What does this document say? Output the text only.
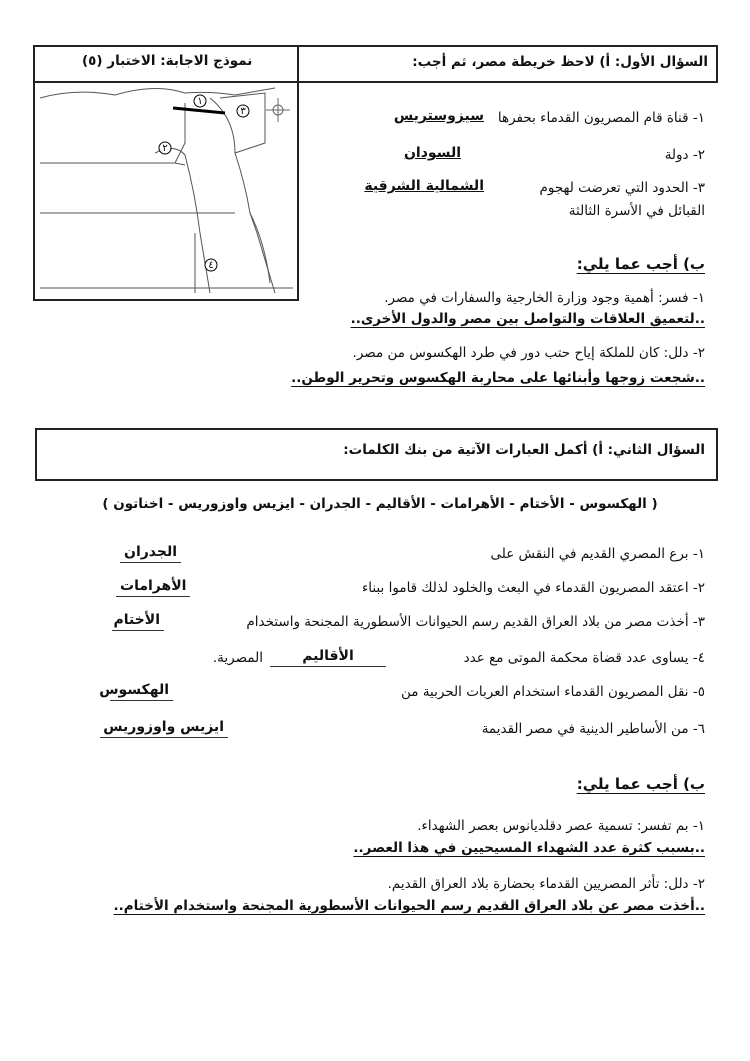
السؤال الأول: أ) لاحظ خريطة مصر، ثم أجب:
نموذج الاجابة: الاختبار (٥)
١
٢
٣
٤
١- قناة قام المصريون القدماء بحفرها
سيزوستريس
٢- دولة
السودان
٣- الحدود التي تعرضت لهجوم
القبائل في الأسرة الثالثة
الشمالية الشرقية
ب) أجب عما يلي:
١- فسر: أهمية وجود وزارة الخارجية والسفارات في مصر.
..لتعميق العلاقات والتواصل بين مصر والدول الأخرى..
٢- دلل: كان للملكة إياح حتب دور في طرد الهكسوس من مصر.
..شجعت زوجها وأبنائها على محاربة الهكسوس وتحرير الوطن..
السؤال الثاني: أ) أكمل العبارات الآتية من بنك الكلمات:
( الهكسوس - الأختام - الأهرامات - الأقاليم - الجدران - ايزيس واوزوريس - اخناتون )
١- برع المصري القديم في النقش على
الجدران
٢- اعتقد المصريون القدماء في البعث والخلود لذلك قاموا ببناء
الأهرامات
٣- أخذت مصر من بلاد العراق القديم رسم الحيوانات الأسطورية المجنحة واستخدام
الأختام
٤- يساوى عدد قضاة محكمة الموتى مع عدد
الأقاليم
المصرية.
٥- نقل المصريون القدماء استخدام العربات الحربية من
الهكسوس
٦- من الأساطير الدينية في مصر القديمة
ايزيس واوزوريس
ب) أجب عما يلي:
١- بم تفسر: تسمية عصر دقلديانوس بعصر الشهداء.
..بسبب كثرة عدد الشهداء المسيحيين في هذا العصر..
٢- دلل: تأثر المصريين القدماء بحضارة بلاد العراق القديم.
..أخذت مصر عن بلاد العراق القديم رسم الحيوانات الأسطورية المجنحة واستخدام الأختام..
